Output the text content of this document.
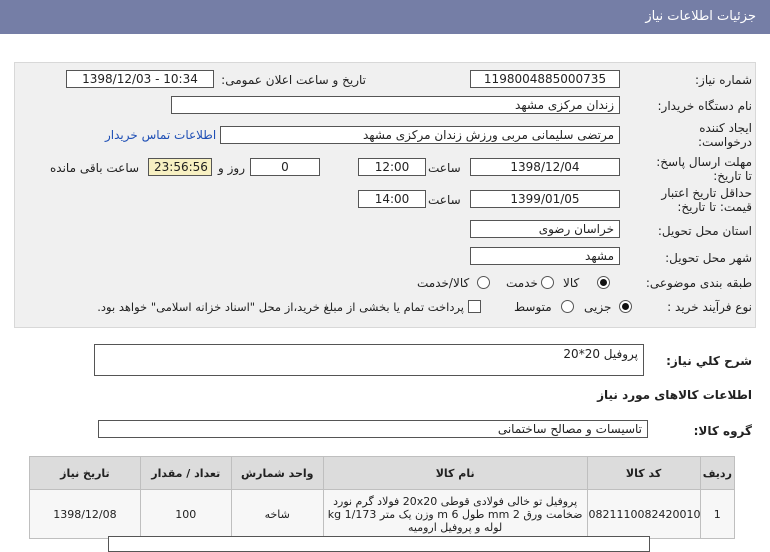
جزئیات اطلاعات نیاز
شماره نیاز:
1198004885000735
تاریخ و ساعت اعلان عمومی:
1398/12/03 - 10:34
نام دستگاه خریدار:
زندان مرکزی مشهد
ایجاد کننده
درخواست:
مرتضی سلیمانی مربی ورزش زندان مرکزی مشهد
اطلاعات تماس خریدار
مهلت ارسال پاسخ:
تا تاریخ:
1398/12/04
ساعت
12:00
0
روز و
23:56:56
ساعت باقی مانده
حداقل تاریخ اعتبار
قیمت: تا تاریخ:
1399/01/05
ساعت
14:00
استان محل تحویل:
خراسان رضوی
شهر محل تحویل:
مشهد
طبقه بندی موضوعی:
کالا
خدمت
کالا/خدمت
نوع فرآیند خرید :
جزیی
متوسط
پرداخت تمام یا بخشی از مبلغ خرید،از محل "اسناد خزانه اسلامی" خواهد بود.
شرح کلي نياز:
پروفیل 20*20
اطلاعات کالاهای مورد نیاز
گروه کالا:
تاسیسات و مصالح ساختمانی
تاریخ نیاز	تعداد / مقدار	واحد شمارش	نام کالا	کد کالا	ردیف
1398/12/08	100	شاخه	پروفیل تو خالی فولادی قوطی 20x20 فولاد گرم نورد ضخامت ورق 2 mm طول 6 m وزن یک متر 1/173 kg لوله و پروفیل ارومیه	0821110082420010	1
